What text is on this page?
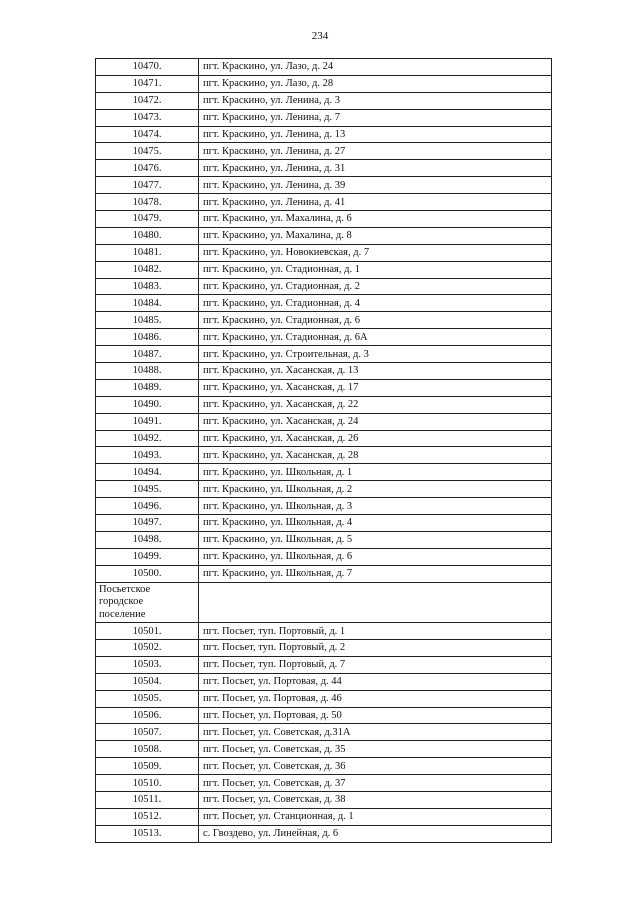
234
10470.	пгт. Краскино, ул. Лазо, д. 24
10471.	пгт. Краскино, ул. Лазо, д. 28
10472.	пгт. Краскино, ул. Ленина, д. 3
10473.	пгт. Краскино, ул. Ленина, д. 7
10474.	пгт. Краскино, ул. Ленина, д. 13
10475.	пгт. Краскино, ул. Ленина, д. 27
10476.	пгт. Краскино, ул. Ленина, д. 31
10477.	пгт. Краскино, ул. Ленина, д. 39
10478.	пгт. Краскино, ул. Ленина, д. 41
10479.	пгт. Краскино, ул. Махалина, д. 6
10480.	пгт. Краскино, ул. Махалина, д. 8
10481.	пгт. Краскино, ул. Новокиевская, д. 7
10482.	пгт. Краскино, ул. Стадионная, д. 1
10483.	пгт. Краскино, ул. Стадионная, д. 2
10484.	пгт. Краскино, ул. Стадионная, д. 4
10485.	пгт. Краскино, ул. Стадионная, д. 6
10486.	пгт. Краскино, ул. Стадионная, д. 6А
10487.	пгт. Краскино, ул. Строительная, д. 3
10488.	пгт. Краскино, ул. Хасанская, д. 13
10489.	пгт. Краскино, ул. Хасанская, д. 17
10490.	пгт. Краскино, ул. Хасанская, д. 22
10491.	пгт. Краскино, ул. Хасанская, д. 24
10492.	пгт. Краскино, ул. Хасанская, д. 26
10493.	пгт. Краскино, ул. Хасанская, д. 28
10494.	пгт. Краскино, ул. Школьная, д. 1
10495.	пгт. Краскино, ул. Школьная, д. 2
10496.	пгт. Краскино, ул. Школьная, д. 3
10497.	пгт. Краскино, ул. Школьная, д. 4
10498.	пгт. Краскино, ул. Школьная, д. 5
10499.	пгт. Краскино, ул. Школьная, д. 6
10500.	пгт. Краскино, ул. Школьная, д. 7

Посьетское
городское
поселение	

10501.	пгт. Посьет, туп. Портовый, д. 1
10502.	пгт. Посьет, туп. Портовый, д. 2
10503.	пгт. Посьет, туп. Портовый, д. 7
10504.	пгт. Посьет, ул. Портовая, д. 44
10505.	пгт. Посьет, ул. Портовая, д. 46
10506.	пгт. Посьет, ул. Портовая, д. 50
10507.	пгт. Посьет, ул. Советская, д.31А
10508.	пгт. Посьет, ул. Советская, д. 35
10509.	пгт. Посьет, ул. Советская, д. 36
10510.	пгт. Посьет, ул. Советская, д. 37
10511.	пгт. Посьет, ул. Советская, д. 38
10512.	пгт. Посьет, ул. Станционная, д. 1
10513.	с. Гвоздево, ул. Линейная, д. 6
